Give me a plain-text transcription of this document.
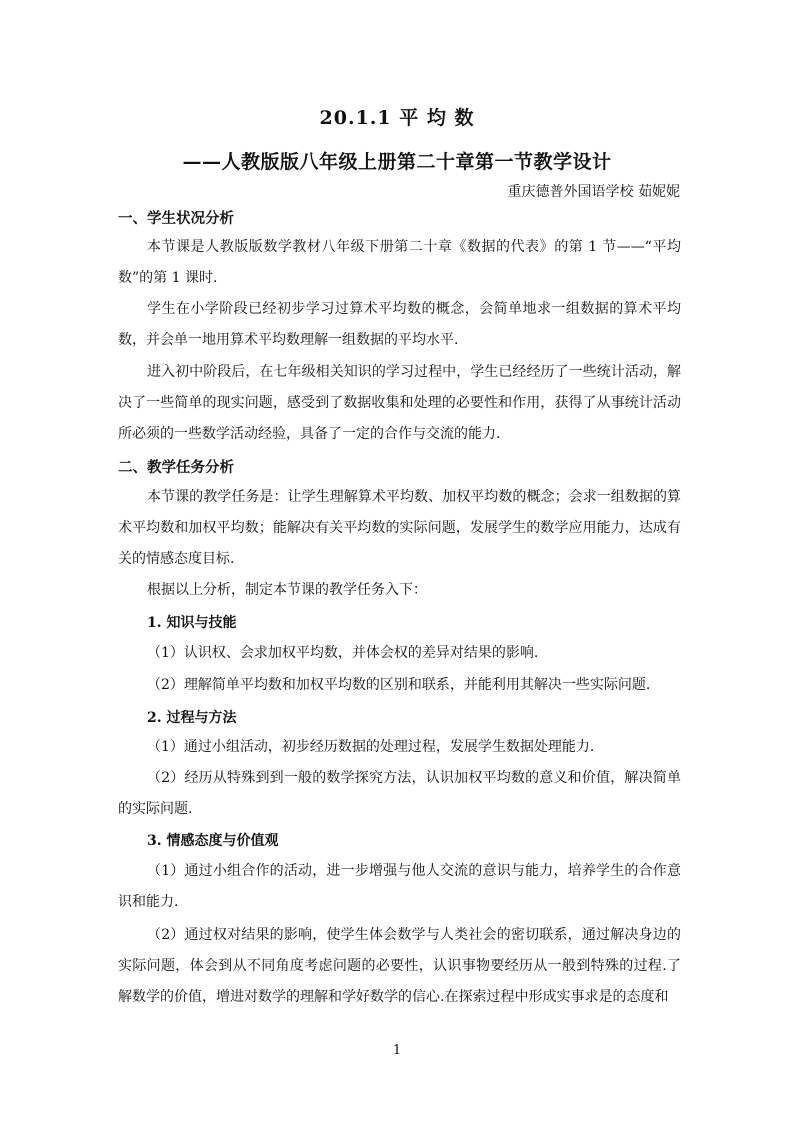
20.1.1 平 均 数
——人教版版八年级上册第二十章第一节教学设计
重庆德普外国语学校 茹妮妮
一、学生状况分析
本节课是人教版版数学教材八年级下册第二十章《数据的代表》的第 1 节——“平均数”的第 1 课时.
学生在小学阶段已经初步学习过算术平均数的概念，会简单地求一组数据的算术平均数，并会单一地用算术平均数理解一组数据的平均水平.
进入初中阶段后，在七年级相关知识的学习过程中，学生已经经历了一些统计活动，解决了一些简单的现实问题，感受到了数据收集和处理的必要性和作用，获得了从事统计活动所必须的一些数学活动经验，具备了一定的合作与交流的能力.
二、教学任务分析
本节课的教学任务是：让学生理解算术平均数、加权平均数的概念；会求一组数据的算术平均数和加权平均数；能解决有关平均数的实际问题，发展学生的数学应用能力，达成有关的情感态度目标.
根据以上分析，制定本节课的教学任务入下：
1. 知识与技能
（1）认识权、会求加权平均数，并体会权的差异对结果的影响.
（2）理解简单平均数和加权平均数的区别和联系，并能利用其解决一些实际问题.
2. 过程与方法
（1）通过小组活动，初步经历数据的处理过程，发展学生数据处理能力.
（2）经历从特殊到到一般的数学探究方法，认识加权平均数的意义和价值，解决简单的实际问题.
3. 情感态度与价值观
（1）通过小组合作的活动，进一步增强与他人交流的意识与能力，培养学生的合作意识和能力.
（2）通过权对结果的影响，使学生体会数学与人类社会的密切联系，通过解决身边的实际问题，体会到从不同角度考虑问题的必要性，认识事物要经历从一般到特殊的过程.了解数学的价值，增进对数学的理解和学好数学的信心.在探索过程中形成实事求是的态度和
1
